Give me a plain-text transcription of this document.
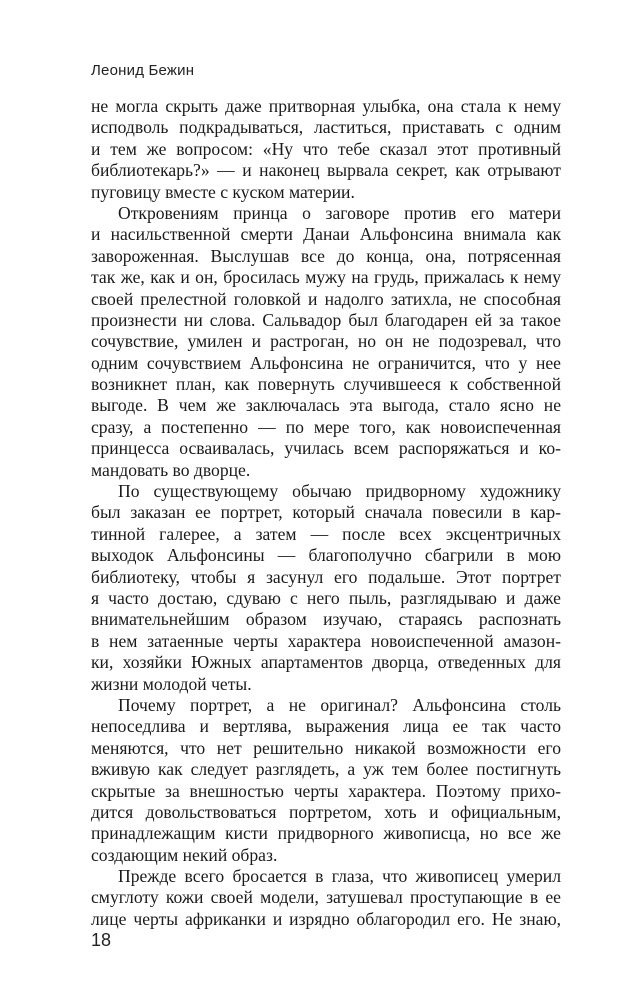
Леонид Бежин
не могла скрыть даже притворная улыбка, она стала к нему
исподволь подкрадываться, ластиться, приставать с одним
и тем же вопросом: «Ну что тебе сказал этот противный
библиотекарь?» — и наконец вырвала секрет, как отрывают
пуговицу вместе с куском материи.
Откровениям принца о заговоре против его матери
и насильственной смерти Данаи Альфонсина внимала как
завороженная. Выслушав все до конца, она, потрясенная
так же, как и он, бросилась мужу на грудь, прижалась к нему
своей прелестной головкой и надолго затихла, не способная
произнести ни слова. Сальвадор был благодарен ей за такое
сочувствие, умилен и растроган, но он не подозревал, что
одним сочувствием Альфонсина не ограничится, что у нее
возникнет план, как повернуть случившееся к собственной
выгоде. В чем же заключалась эта выгода, стало ясно не
сразу, а постепенно — по мере того, как новоиспеченная
принцесса осваивалась, училась всем распоряжаться и ко-
мандовать во дворце.
По существующему обычаю придворному художнику
был заказан ее портрет, который сначала повесили в кар-
тинной галерее, а затем — после всех эксцентричных
выходок Альфонсины — благополучно сбагрили в мою
библиотеку, чтобы я засунул его подальше. Этот портрет
я часто достаю, сдуваю с него пыль, разглядываю и даже
внимательнейшим образом изучаю, стараясь распознать
в нем затаенные черты характера новоиспеченной амазон-
ки, хозяйки Южных апартаментов дворца, отведенных для
жизни молодой четы.
Почему портрет, а не оригинал? Альфонсина столь
непоседлива и вертлява, выражения лица ее так часто
меняются, что нет решительно никакой возможности его
вживую как следует разглядеть, а уж тем более постигнуть
скрытые за внешностью черты характера. Поэтому прихо-
дится довольствоваться портретом, хоть и официальным,
принадлежащим кисти придворного живописца, но все же
создающим некий образ.
Прежде всего бросается в глаза, что живописец умерил
смуглоту кожи своей модели, затушевал проступающие в ее
лице черты африканки и изрядно облагородил его. Не знаю,
18
